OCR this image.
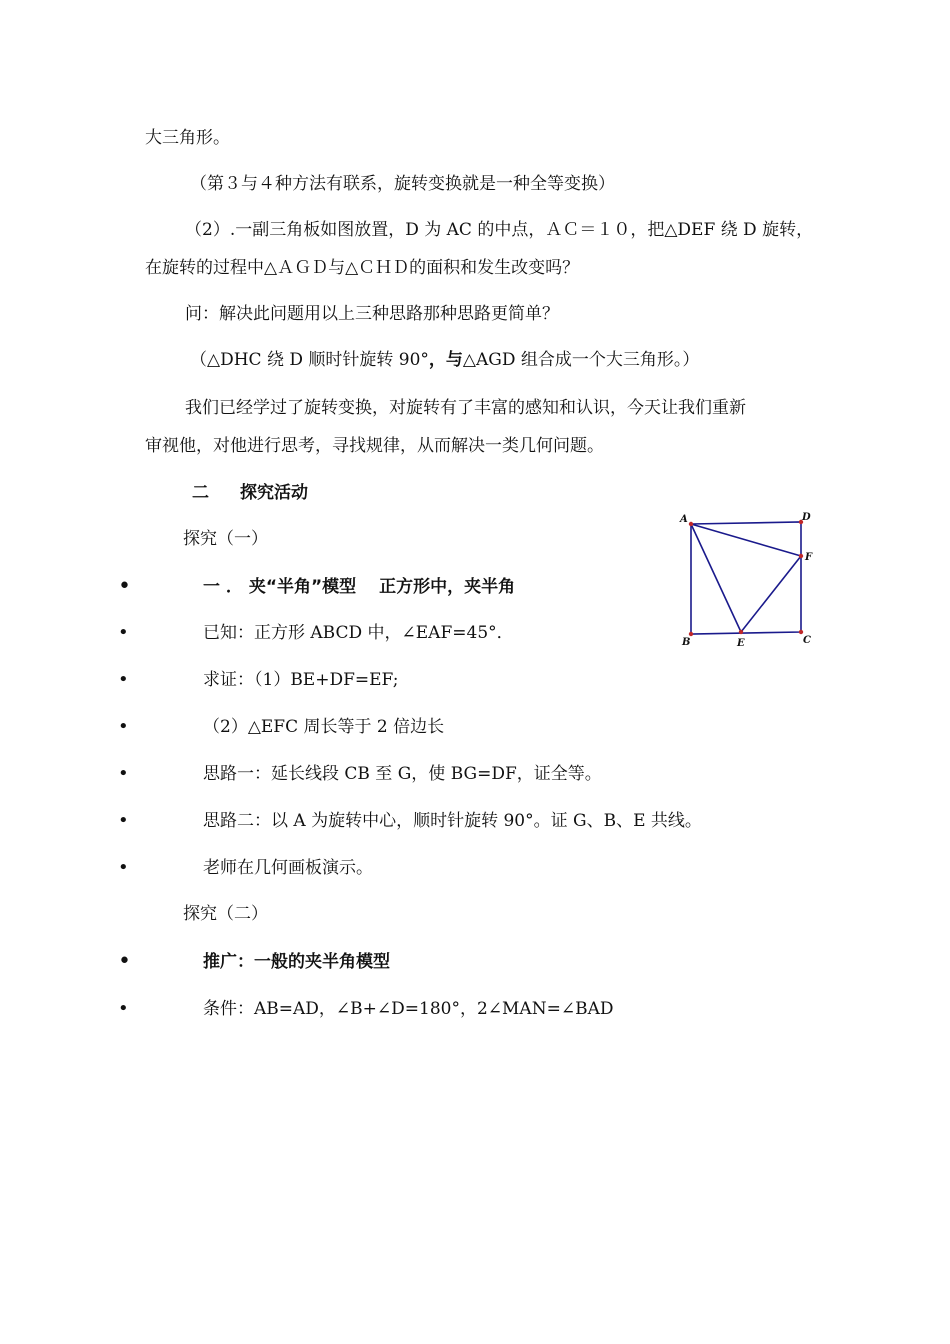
大三角形。
（第３与４种方法有联系，旋转变换就是一种全等变换）
（2）.一副三角板如图放置，D 为 AC 的中点，ＡＣ＝１０，把△DEF 绕 D 旋转，
在旋转的过程中△ＡＧＤ与△ＣＨＤ的面积和发生改变吗？
问：解决此问题用以上三种思路那种思路更简单？
（△DHC 绕 D 顺时针旋转 90°，与△AGD 组合成一个大三角形。）
我们已经学过了旋转变换，对旋转有了丰富的感知和认识，今天让我们重新
审视他，对他进行思考，寻找规律，从而解决一类几何问题。
二 探究活动
探究（一）
•	一 ． 夹“半角”模型　 正方形中，夹半角
•	已知：正方形 ABCD 中，∠EAF=45°．
•	求证：（1）BE+DF=EF;
•	（2）△EFC 周长等于 2 倍边长
•	思路一：延长线段 CB 至 G，使 BG=DF，证全等。
•	思路二：以 A 为旋转中心，顺时针旋转 90°。证 G、B、E 共线。
•	老师在几何画板演示。
探究（二）
•	推广：一般的夹半角模型
•	条件：AB=AD，∠B+∠D=180°，2∠MAN=∠BAD
A	D
F
C
B	E
